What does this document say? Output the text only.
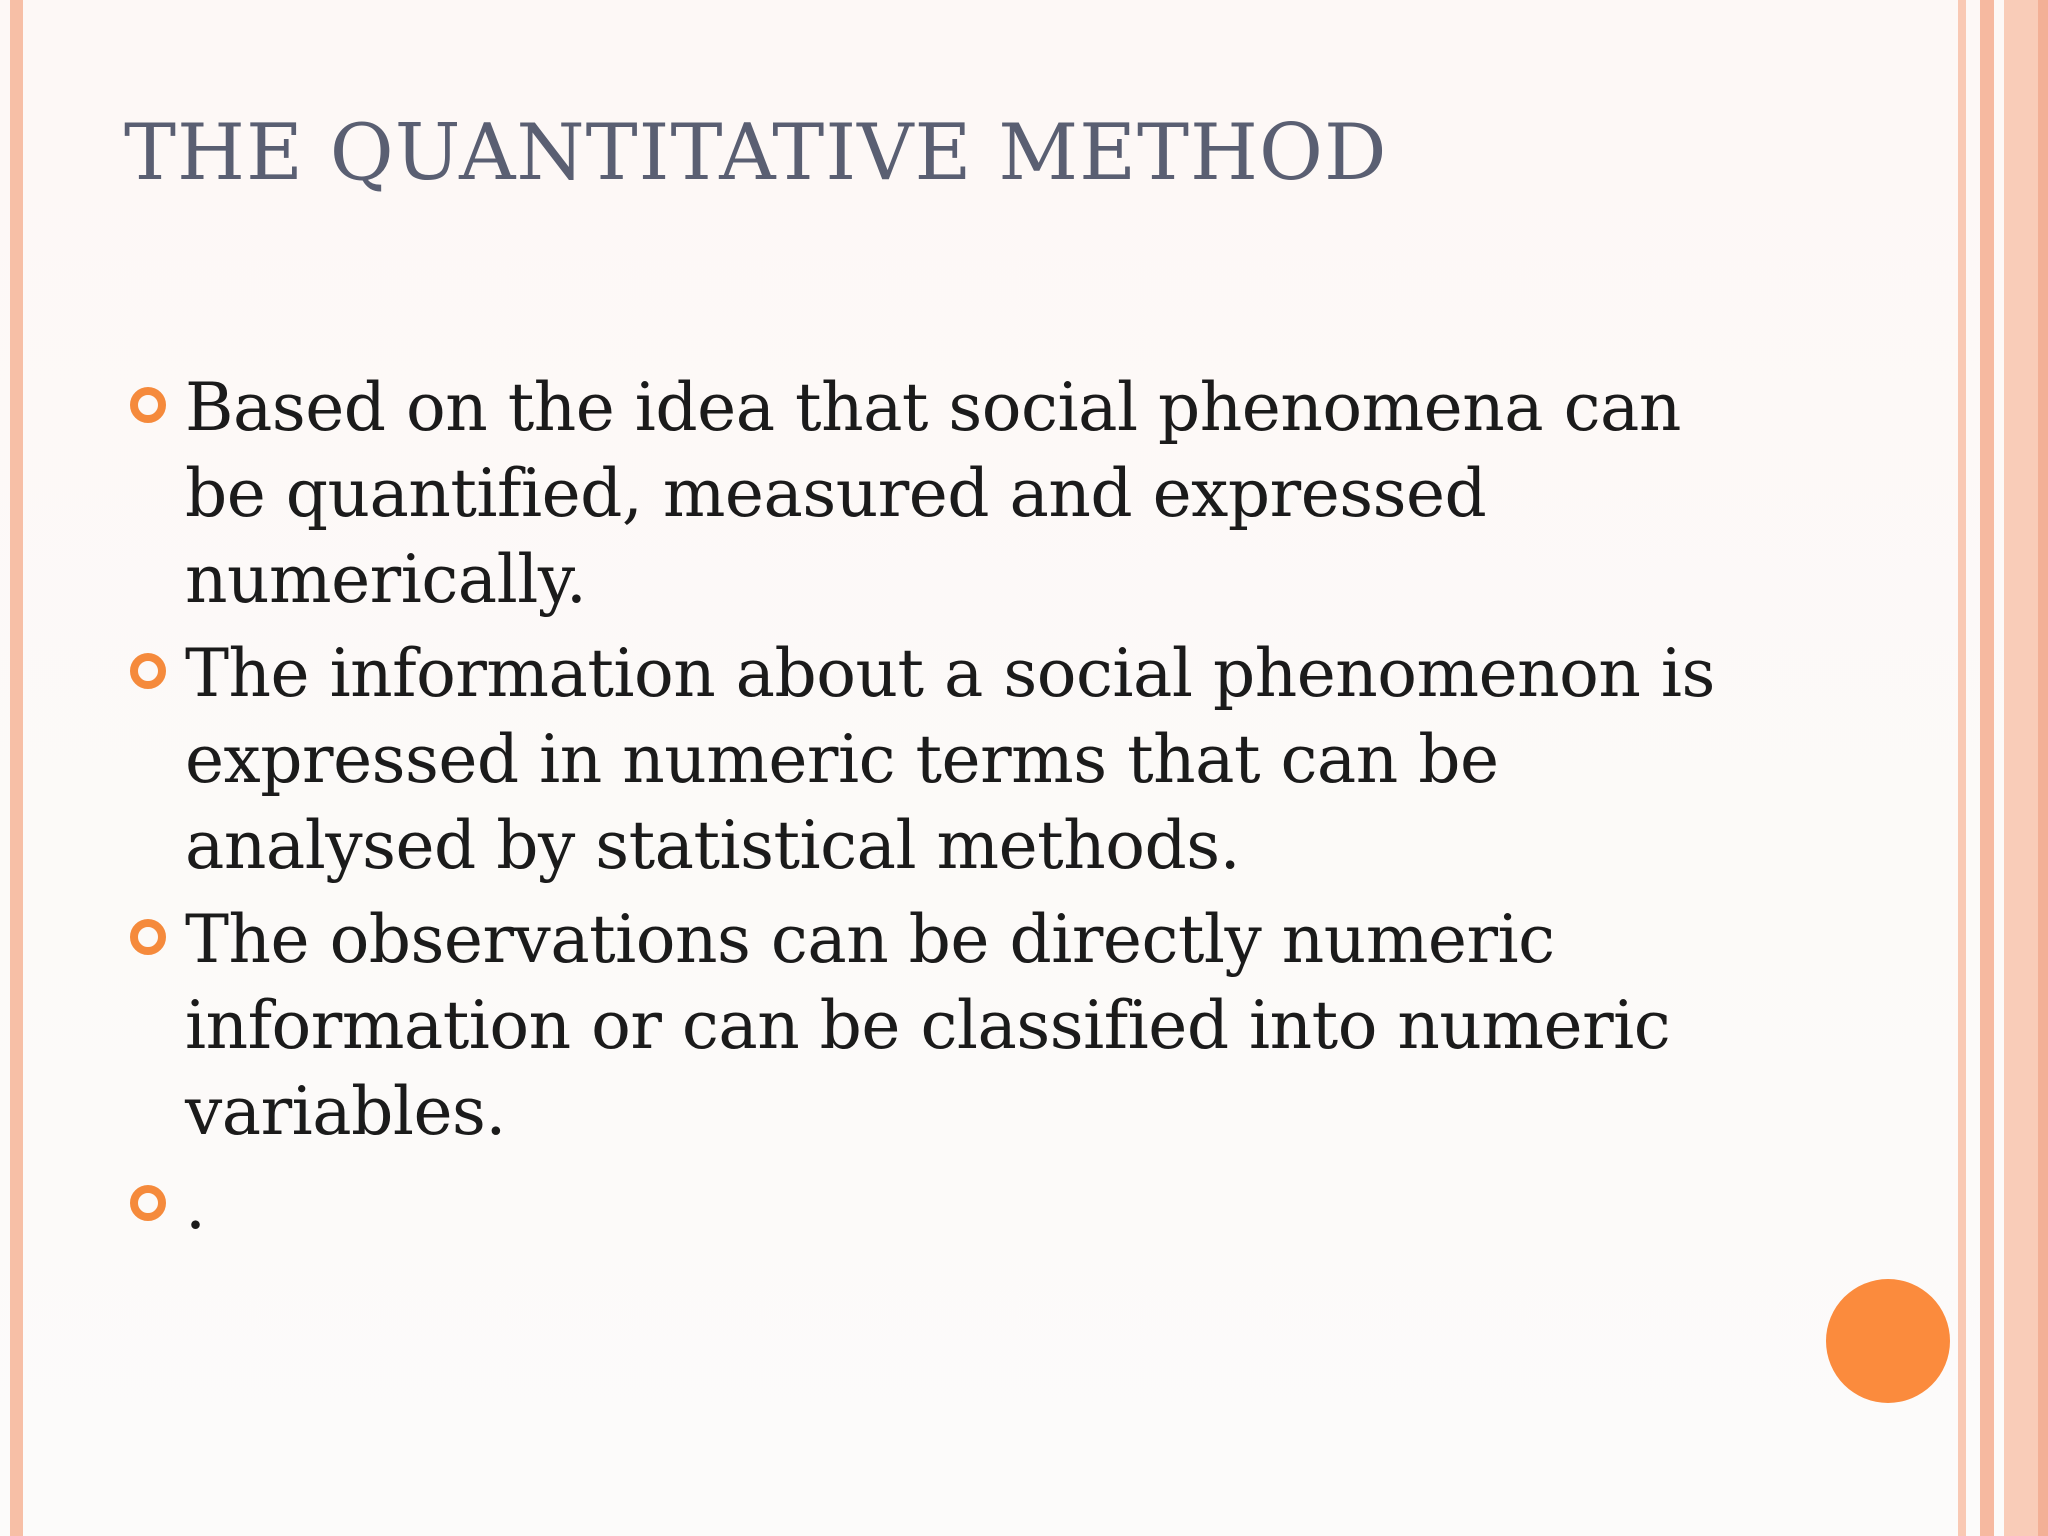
THE QUANTITATIVE METHOD
Based on the idea that social phenomena can be quantified, measured and expressed numerically.
The information about a social phenomenon is expressed in numeric terms that can be analysed by statistical methods.
The observations can be directly numeric information or can be classified into numeric variables.
.
